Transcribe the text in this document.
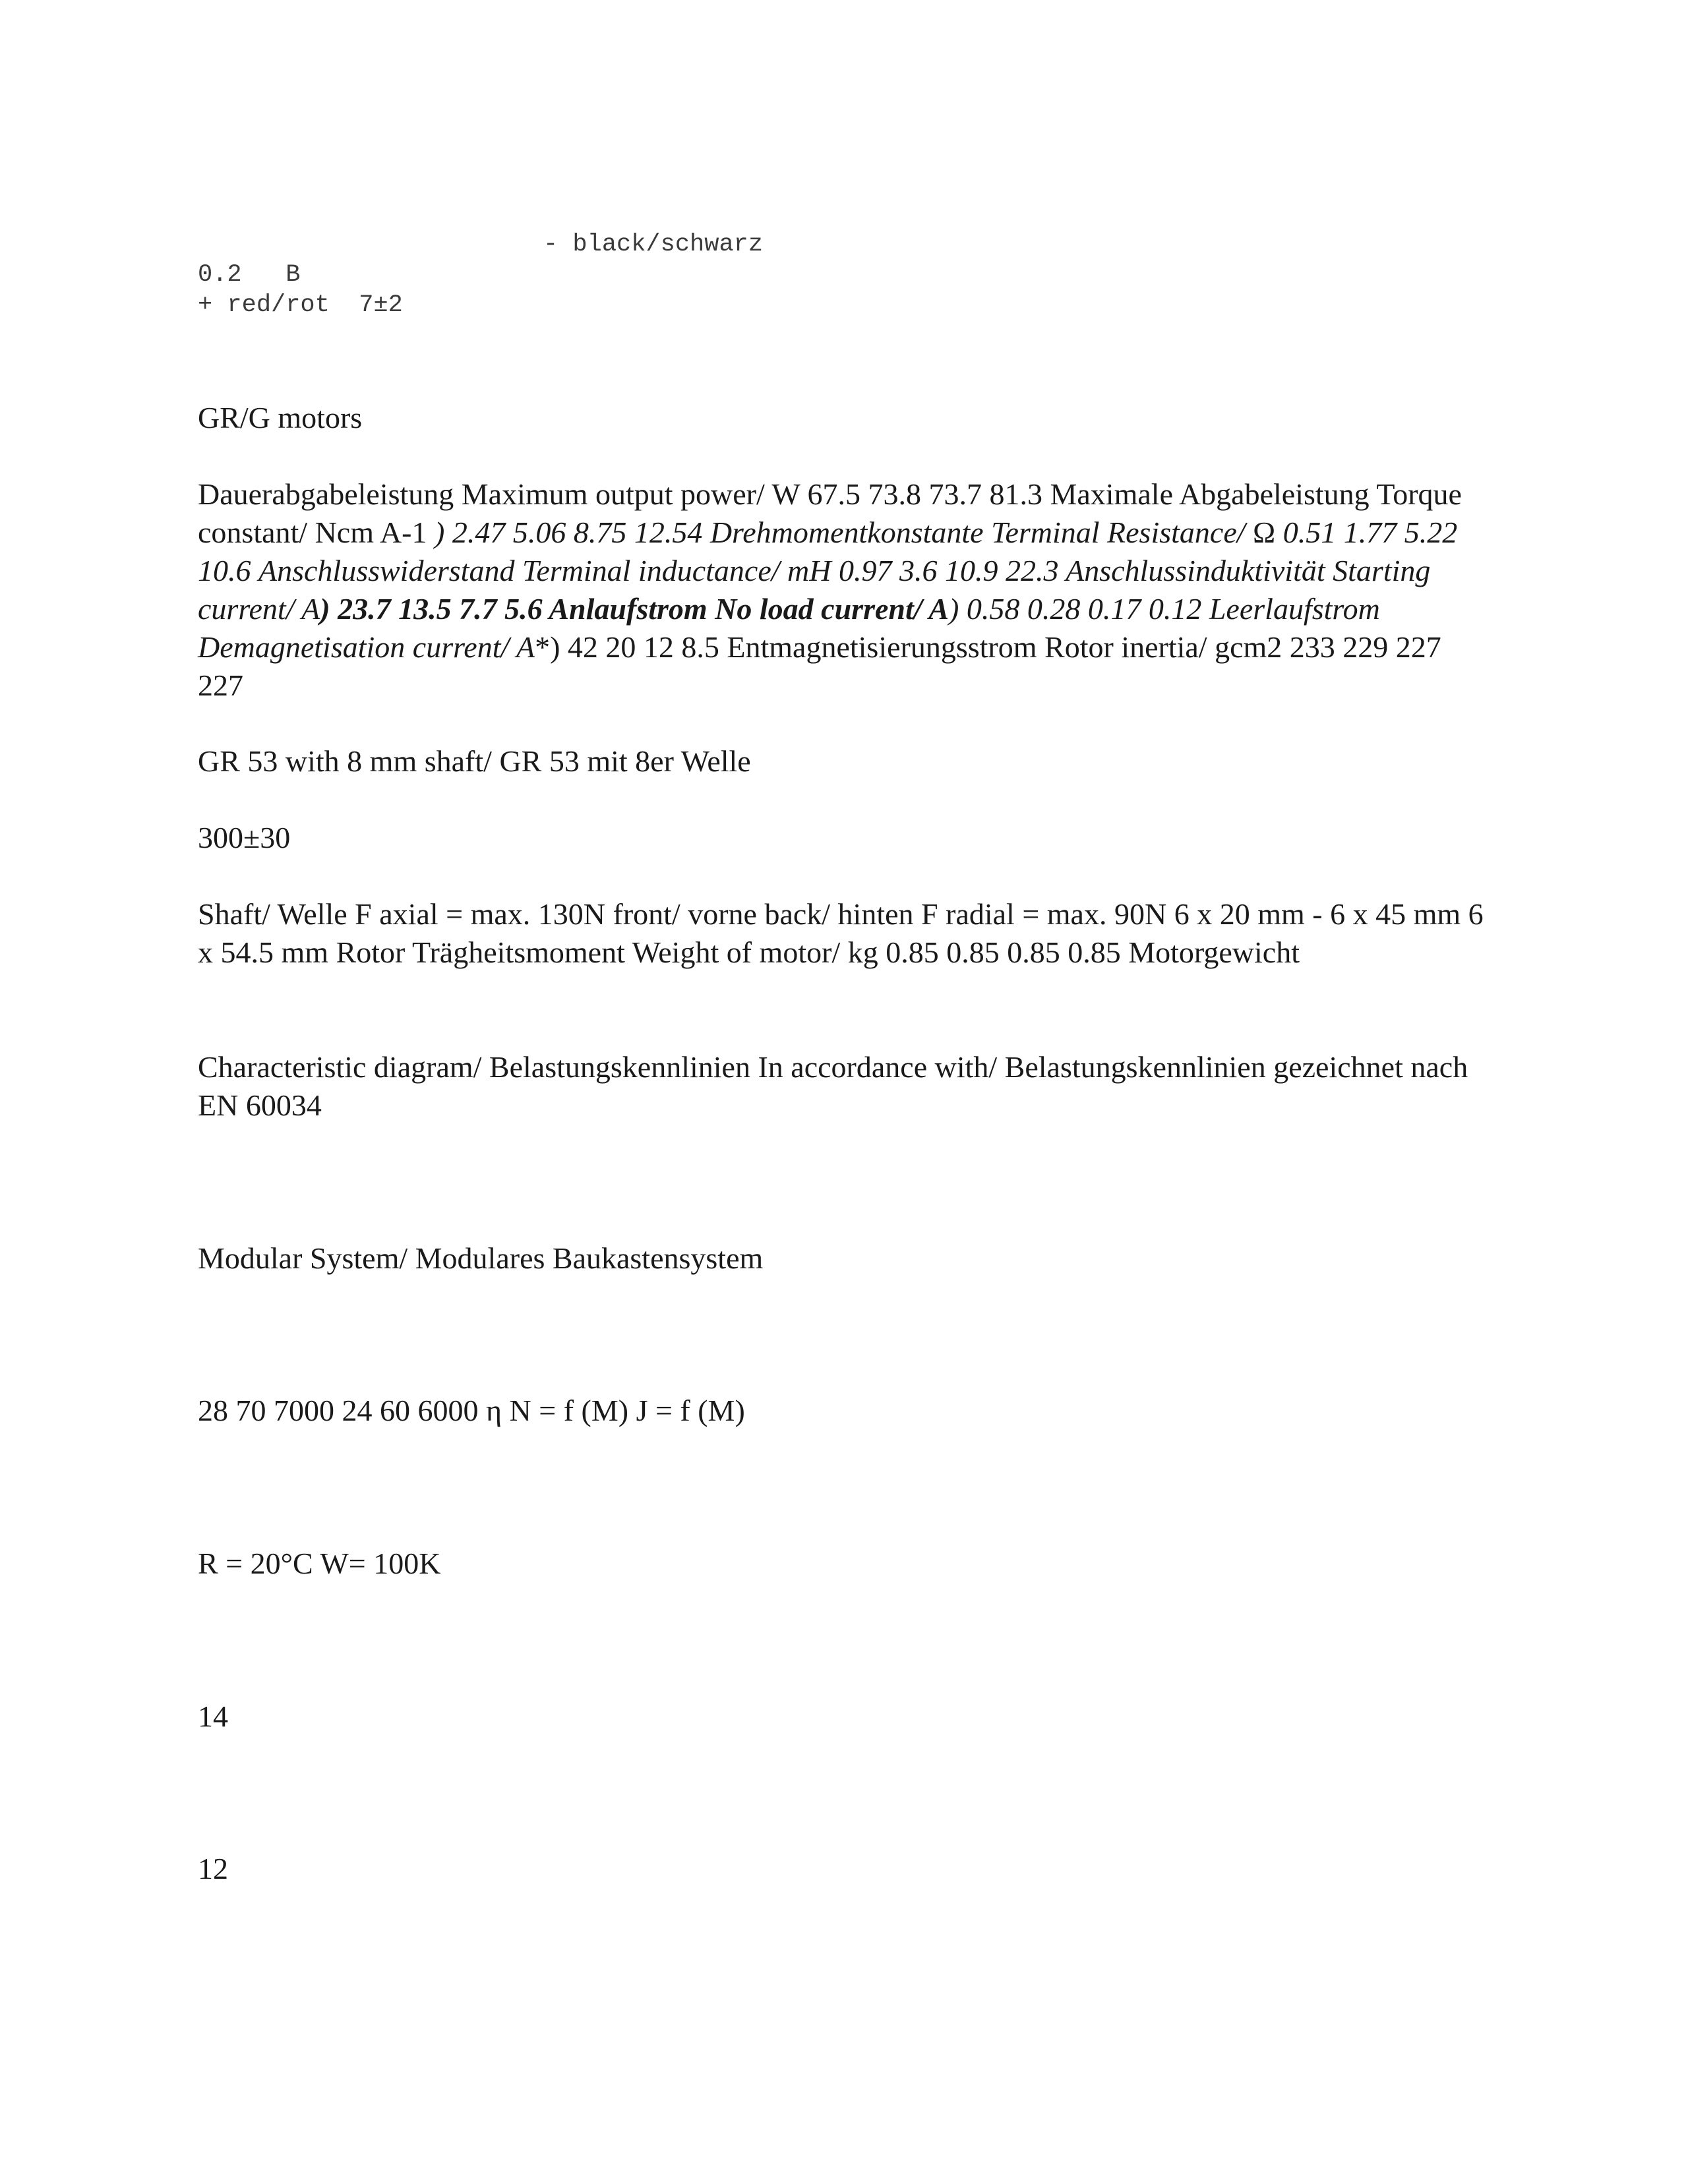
- black/schwarz
0.2   B
+ red/rot  7±2

GR/G motors

Dauerabgabeleistung Maximum output power/ W 67.5 73.8 73.7 81.3 Maximale Abgabeleistung Torque constant/ Ncm A-1 ) 2.47 5.06 8.75 12.54 Drehmomentkonstante Terminal Resistance/ Ω 0.51 1.77 5.22 10.6 Anschlusswiderstand Terminal inductance/ mH 0.97 3.6 10.9 22.3 Anschlussinduktivität Starting current/ A) 23.7 13.5 7.7 5.6 Anlaufstrom No load current/ A) 0.58 0.28 0.17 0.12 Leerlaufstrom Demagnetisation current/ A*) 42 20 12 8.5 Entmagnetisierungsstrom Rotor inertia/ gcm2 233 229 227 227

GR 53 with 8 mm shaft/ GR 53 mit 8er Welle

300±30

Shaft/ Welle F axial = max. 130N front/ vorne back/ hinten F radial = max. 90N 6 x 20 mm - 6 x 45 mm 6 x 54.5 mm Rotor Trägheitsmoment Weight of motor/ kg 0.85 0.85 0.85 0.85 Motorgewicht

Characteristic diagram/ Belastungskennlinien In accordance with/ Belastungskennlinien gezeichnet nach EN 60034

Modular System/ Modulares Baukastensystem

28 70 7000 24 60 6000 η N = f (M) J = f (M)

R = 20°C W= 100K

14

12
